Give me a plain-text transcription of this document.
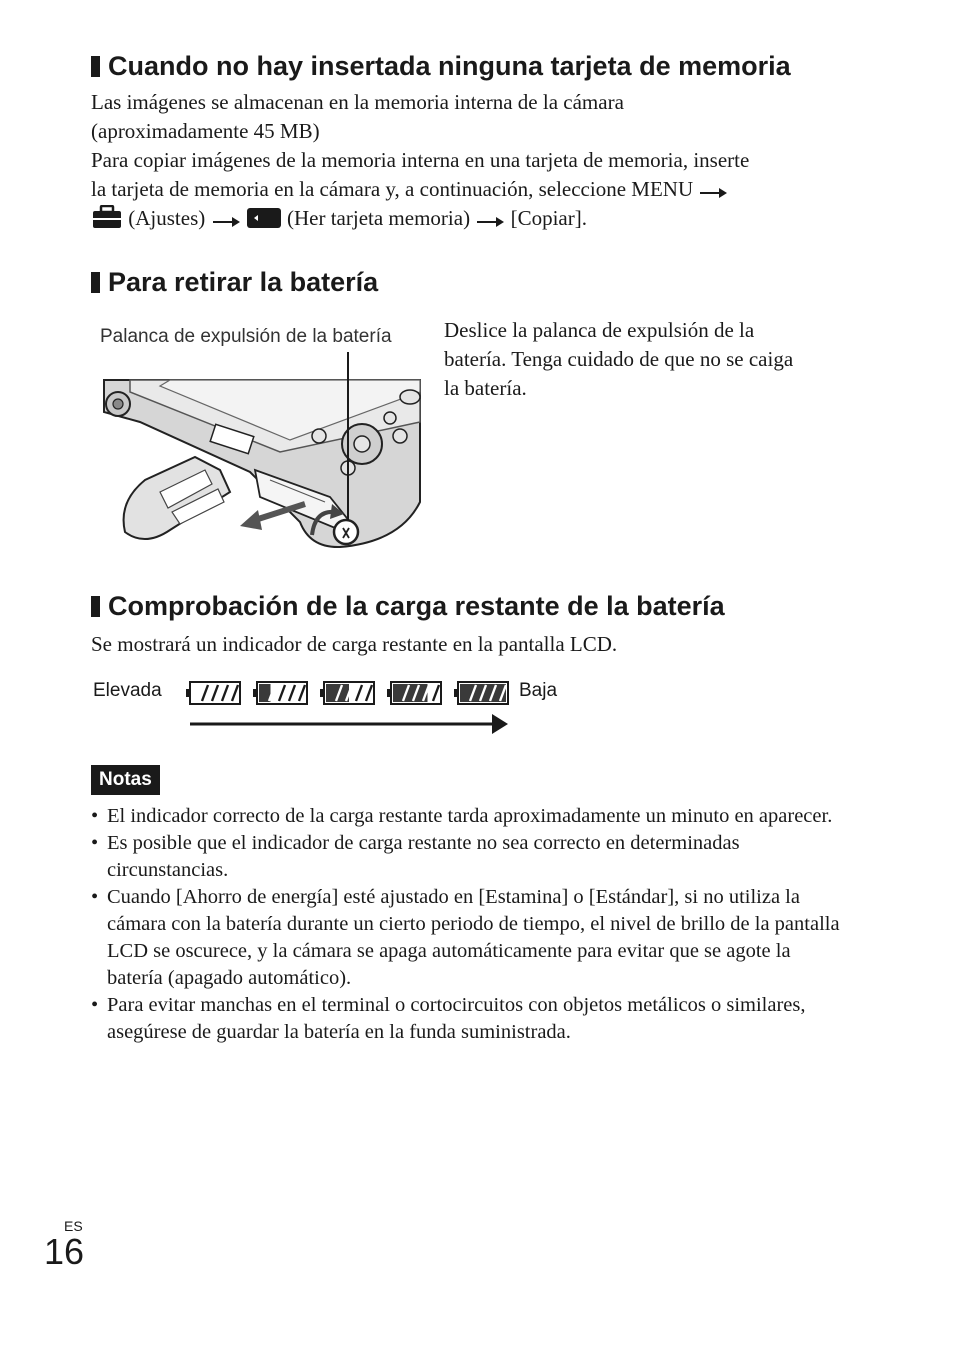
Cuando no hay insertada ninguna tarjeta de memoria
Las imágenes se almacenan en la memoria interna de la cámara
(aproximadamente 45 MB)
Para copiar imágenes de la memoria interna en una tarjeta de memoria, inserte
la tarjeta de memoria en la cámara y, a continuación, seleccione MENU
(Ajustes)	(Her tarjeta memoria) [Copiar].
Para retirar la batería
Palanca de expulsión de la batería Deslice la palanca de expulsión de la
batería. Tenga cuidado de que no se caiga
la batería.
Comprobación de la carga restante de la batería
Se mostrará un indicador de carga restante en la pantalla LCD.
Elevada	Baja
Notas
• El indicador correcto de la carga restante tarda aproximadamente un minuto en aparecer.
• Es posible que el indicador de carga restante no sea correcto en determinadas circunstancias.
• Cuando [Ahorro de energía] esté ajustado en [Estamina] o [Estándar], si no utiliza la cámara con la batería durante un cierto periodo de tiempo, el nivel de brillo de la pantalla LCD se oscurece, y la cámara se apaga automáticamente para evitar que se agote la batería (apagado automático).
• Para evitar manchas en el terminal o cortocircuitos con objetos metálicos o similares, asegúrese de guardar la batería en la funda suministrada.
ES
16
